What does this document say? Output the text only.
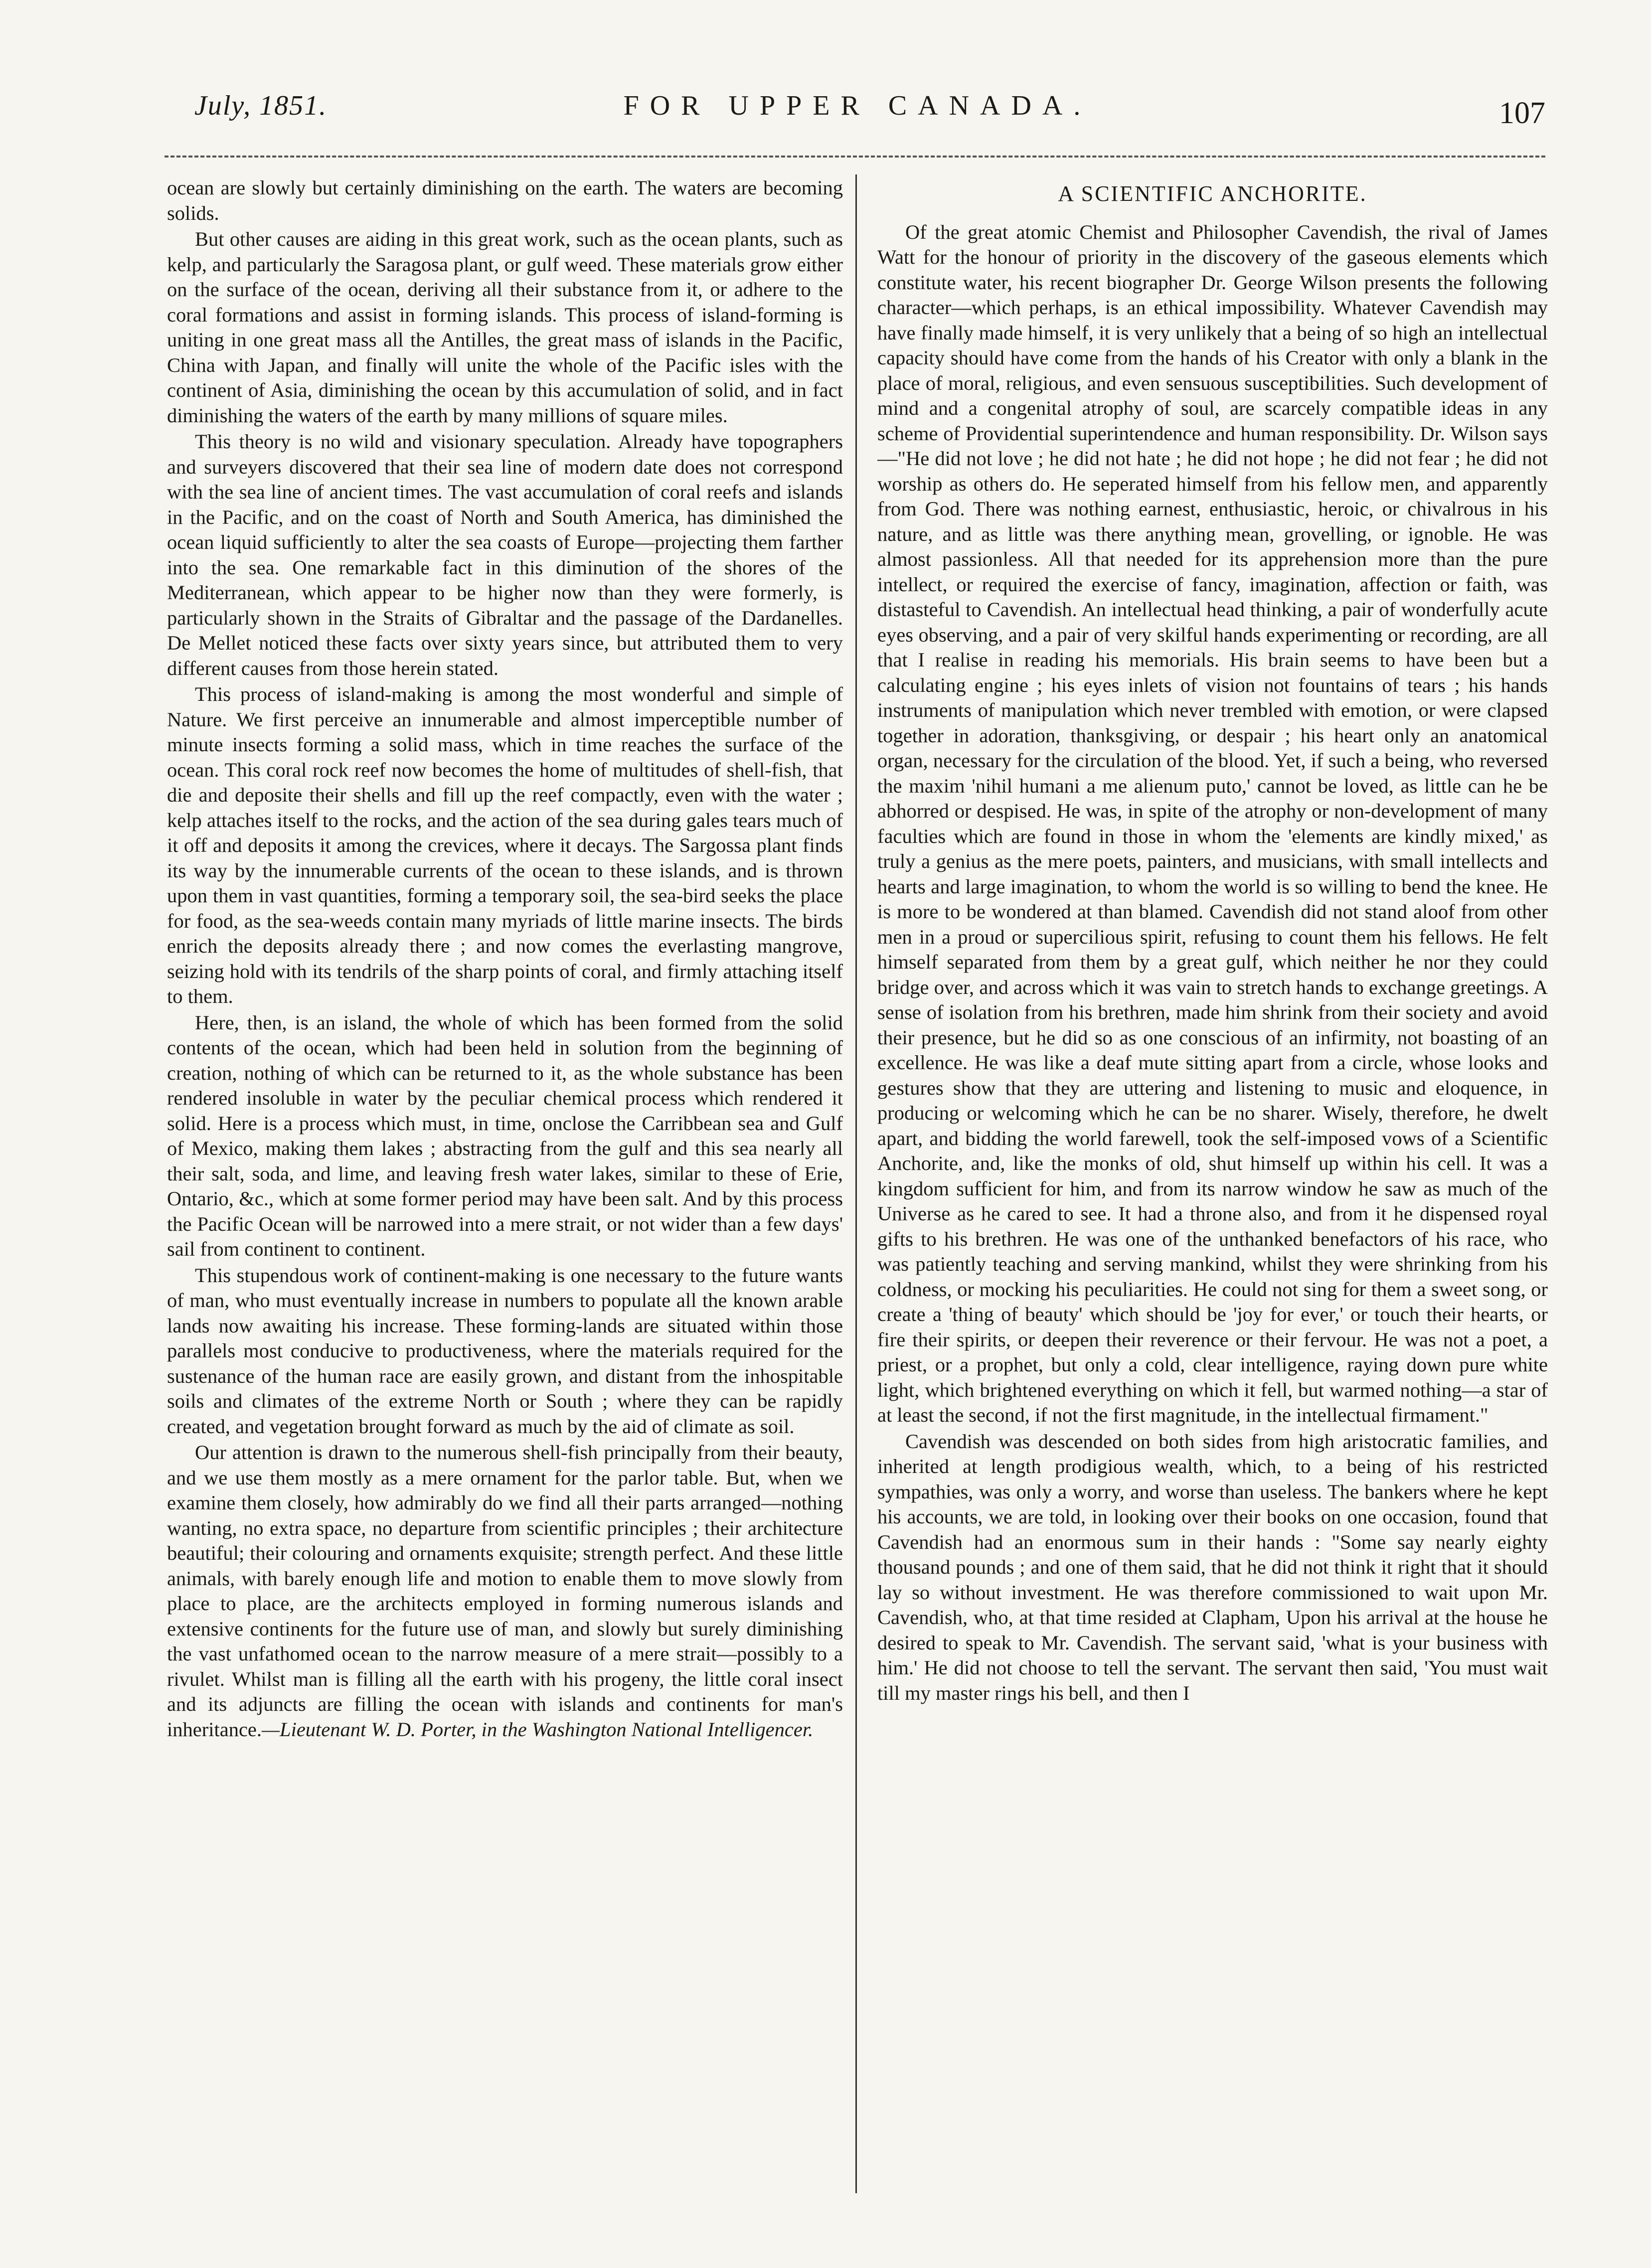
July, 1851.	FOR UPPER CANADA.	107

ocean are slowly but certainly diminishing on the earth. The waters are becoming solids.

But other causes are aiding in this great work, such as the ocean plants, such as kelp, and particularly the Saragosa plant, or gulf weed. These materials grow either on the surface of the ocean, deriving all their substance from it, or adhere to the coral formations and assist in forming islands. This process of island-forming is uniting in one great mass all the Antilles, the great mass of islands in the Pacific, China with Japan, and finally will unite the whole of the Pacific isles with the continent of Asia, diminishing the ocean by this accumulation of solid, and in fact diminishing the waters of the earth by many millions of square miles.

This theory is no wild and visionary speculation. Already have topographers and surveyers discovered that their sea line of modern date does not correspond with the sea line of ancient times. The vast accumulation of coral reefs and islands in the Pacific, and on the coast of North and South America, has diminished the ocean liquid sufficiently to alter the sea coasts of Europe—projecting them farther into the sea. One remarkable fact in this diminution of the shores of the Mediterranean, which appear to be higher now than they were formerly, is particularly shown in the Straits of Gibraltar and the passage of the Dardanelles. De Mellet noticed these facts over sixty years since, but attributed them to very different causes from those herein stated.

This process of island-making is among the most wonderful and simple of Nature. We first perceive an innumerable and almost imperceptible number of minute insects forming a solid mass, which in time reaches the surface of the ocean. This coral rock reef now becomes the home of multitudes of shell-fish, that die and deposite their shells and fill up the reef compactly, even with the water ; kelp attaches itself to the rocks, and the action of the sea during gales tears much of it off and deposits it among the crevices, where it decays. The Sargossa plant finds its way by the innumerable currents of the ocean to these islands, and is thrown upon them in vast quantities, forming a temporary soil, the sea-bird seeks the place for food, as the sea-weeds contain many myriads of little marine insects. The birds enrich the deposits already there ; and now comes the everlasting mangrove, seizing hold with its tendrils of the sharp points of coral, and firmly attaching itself to them.

Here, then, is an island, the whole of which has been formed from the solid contents of the ocean, which had been held in solution from the beginning of creation, nothing of which can be returned to it, as the whole substance has been rendered insoluble in water by the peculiar chemical process which rendered it solid. Here is a process which must, in time, onclose the Carribbean sea and Gulf of Mexico, making them lakes ; abstracting from the gulf and this sea nearly all their salt, soda, and lime, and leaving fresh water lakes, similar to these of Erie, Ontario, &c., which at some former period may have been salt. And by this process the Pacific Ocean will be narrowed into a mere strait, or not wider than a few days' sail from continent to continent.

This stupendous work of continent-making is one necessary to the future wants of man, who must eventually increase in numbers to populate all the known arable lands now awaiting his increase. These forming-lands are situated within those parallels most conducive to productiveness, where the materials required for the sustenance of the human race are easily grown, and distant from the inhospitable soils and climates of the extreme North or South ; where they can be rapidly created, and vegetation brought forward as much by the aid of climate as soil.

Our attention is drawn to the numerous shell-fish principally from their beauty, and we use them mostly as a mere ornament for the parlor table. But, when we examine them closely, how admirably do we find all their parts arranged—nothing wanting, no extra space, no departure from scientific principles ; their architecture beautiful; their colouring and ornaments exquisite; strength perfect. And these little animals, with barely enough life and motion to enable them to move slowly from place to place, are the architects employed in forming numerous islands and extensive continents for the future use of man, and slowly but surely diminishing the vast unfathomed ocean to the narrow measure of a mere strait—possibly to a rivulet. Whilst man is filling all the earth with his progeny, the little coral insect and its adjuncts are filling the ocean with islands and continents for man's inheritance.—Lieutenant W. D. Porter, in the Washington National Intelligencer.

A SCIENTIFIC ANCHORITE.

Of the great atomic Chemist and Philosopher Cavendish, the rival of James Watt for the honour of priority in the discovery of the gaseous elements which constitute water, his recent biographer Dr. George Wilson presents the following character—which perhaps, is an ethical impossibility. Whatever Cavendish may have finally made himself, it is very unlikely that a being of so high an intellectual capacity should have come from the hands of his Creator with only a blank in the place of moral, religious, and even sensuous susceptibilities. Such development of mind and a congenital atrophy of soul, are scarcely compatible ideas in any scheme of Providential superintendence and human responsibility. Dr. Wilson says—"He did not love ; he did not hate ; he did not hope ; he did not fear ; he did not worship as others do. He seperated himself from his fellow men, and apparently from God. There was nothing earnest, enthusiastic, heroic, or chivalrous in his nature, and as little was there anything mean, grovelling, or ignoble. He was almost passionless. All that needed for its apprehension more than the pure intellect, or required the exercise of fancy, imagination, affection or faith, was distasteful to Cavendish. An intellectual head thinking, a pair of wonderfully acute eyes observing, and a pair of very skilful hands experimenting or recording, are all that I realise in reading his memorials. His brain seems to have been but a calculating engine ; his eyes inlets of vision not fountains of tears ; his hands instruments of manipulation which never trembled with emotion, or were clapsed together in adoration, thanksgiving, or despair ; his heart only an anatomical organ, necessary for the circulation of the blood. Yet, if such a being, who reversed the maxim 'nihil humani a me alienum puto,' cannot be loved, as little can he be abhorred or despised. He was, in spite of the atrophy or non-development of many faculties which are found in those in whom the 'elements are kindly mixed,' as truly a genius as the mere poets, painters, and musicians, with small intellects and hearts and large imagination, to whom the world is so willing to bend the knee. He is more to be wondered at than blamed. Cavendish did not stand aloof from other men in a proud or supercilious spirit, refusing to count them his fellows. He felt himself separated from them by a great gulf, which neither he nor they could bridge over, and across which it was vain to stretch hands to exchange greetings. A sense of isolation from his brethren, made him shrink from their society and avoid their presence, but he did so as one conscious of an infirmity, not boasting of an excellence. He was like a deaf mute sitting apart from a circle, whose looks and gestures show that they are uttering and listening to music and eloquence, in producing or welcoming which he can be no sharer. Wisely, therefore, he dwelt apart, and bidding the world farewell, took the self-imposed vows of a Scientific Anchorite, and, like the monks of old, shut himself up within his cell. It was a kingdom sufficient for him, and from its narrow window he saw as much of the Universe as he cared to see. It had a throne also, and from it he dispensed royal gifts to his brethren. He was one of the unthanked benefactors of his race, who was patiently teaching and serving mankind, whilst they were shrinking from his coldness, or mocking his peculiarities. He could not sing for them a sweet song, or create a 'thing of beauty' which should be 'joy for ever,' or touch their hearts, or fire their spirits, or deepen their reverence or their fervour. He was not a poet, a priest, or a prophet, but only a cold, clear intelligence, raying down pure white light, which brightened everything on which it fell, but warmed nothing—a star of at least the second, if not the first magnitude, in the intellectual firmament."

Cavendish was descended on both sides from high aristocratic families, and inherited at length prodigious wealth, which, to a being of his restricted sympathies, was only a worry, and worse than useless. The bankers where he kept his accounts, we are told, in looking over their books on one occasion, found that Cavendish had an enormous sum in their hands : "Some say nearly eighty thousand pounds ; and one of them said, that he did not think it right that it should lay so without investment. He was therefore commissioned to wait upon Mr. Cavendish, who, at that time resided at Clapham, Upon his arrival at the house he desired to speak to Mr. Cavendish. The servant said, 'what is your business with him.' He did not choose to tell the servant. The servant then said, 'You must wait till my master rings his bell, and then I
